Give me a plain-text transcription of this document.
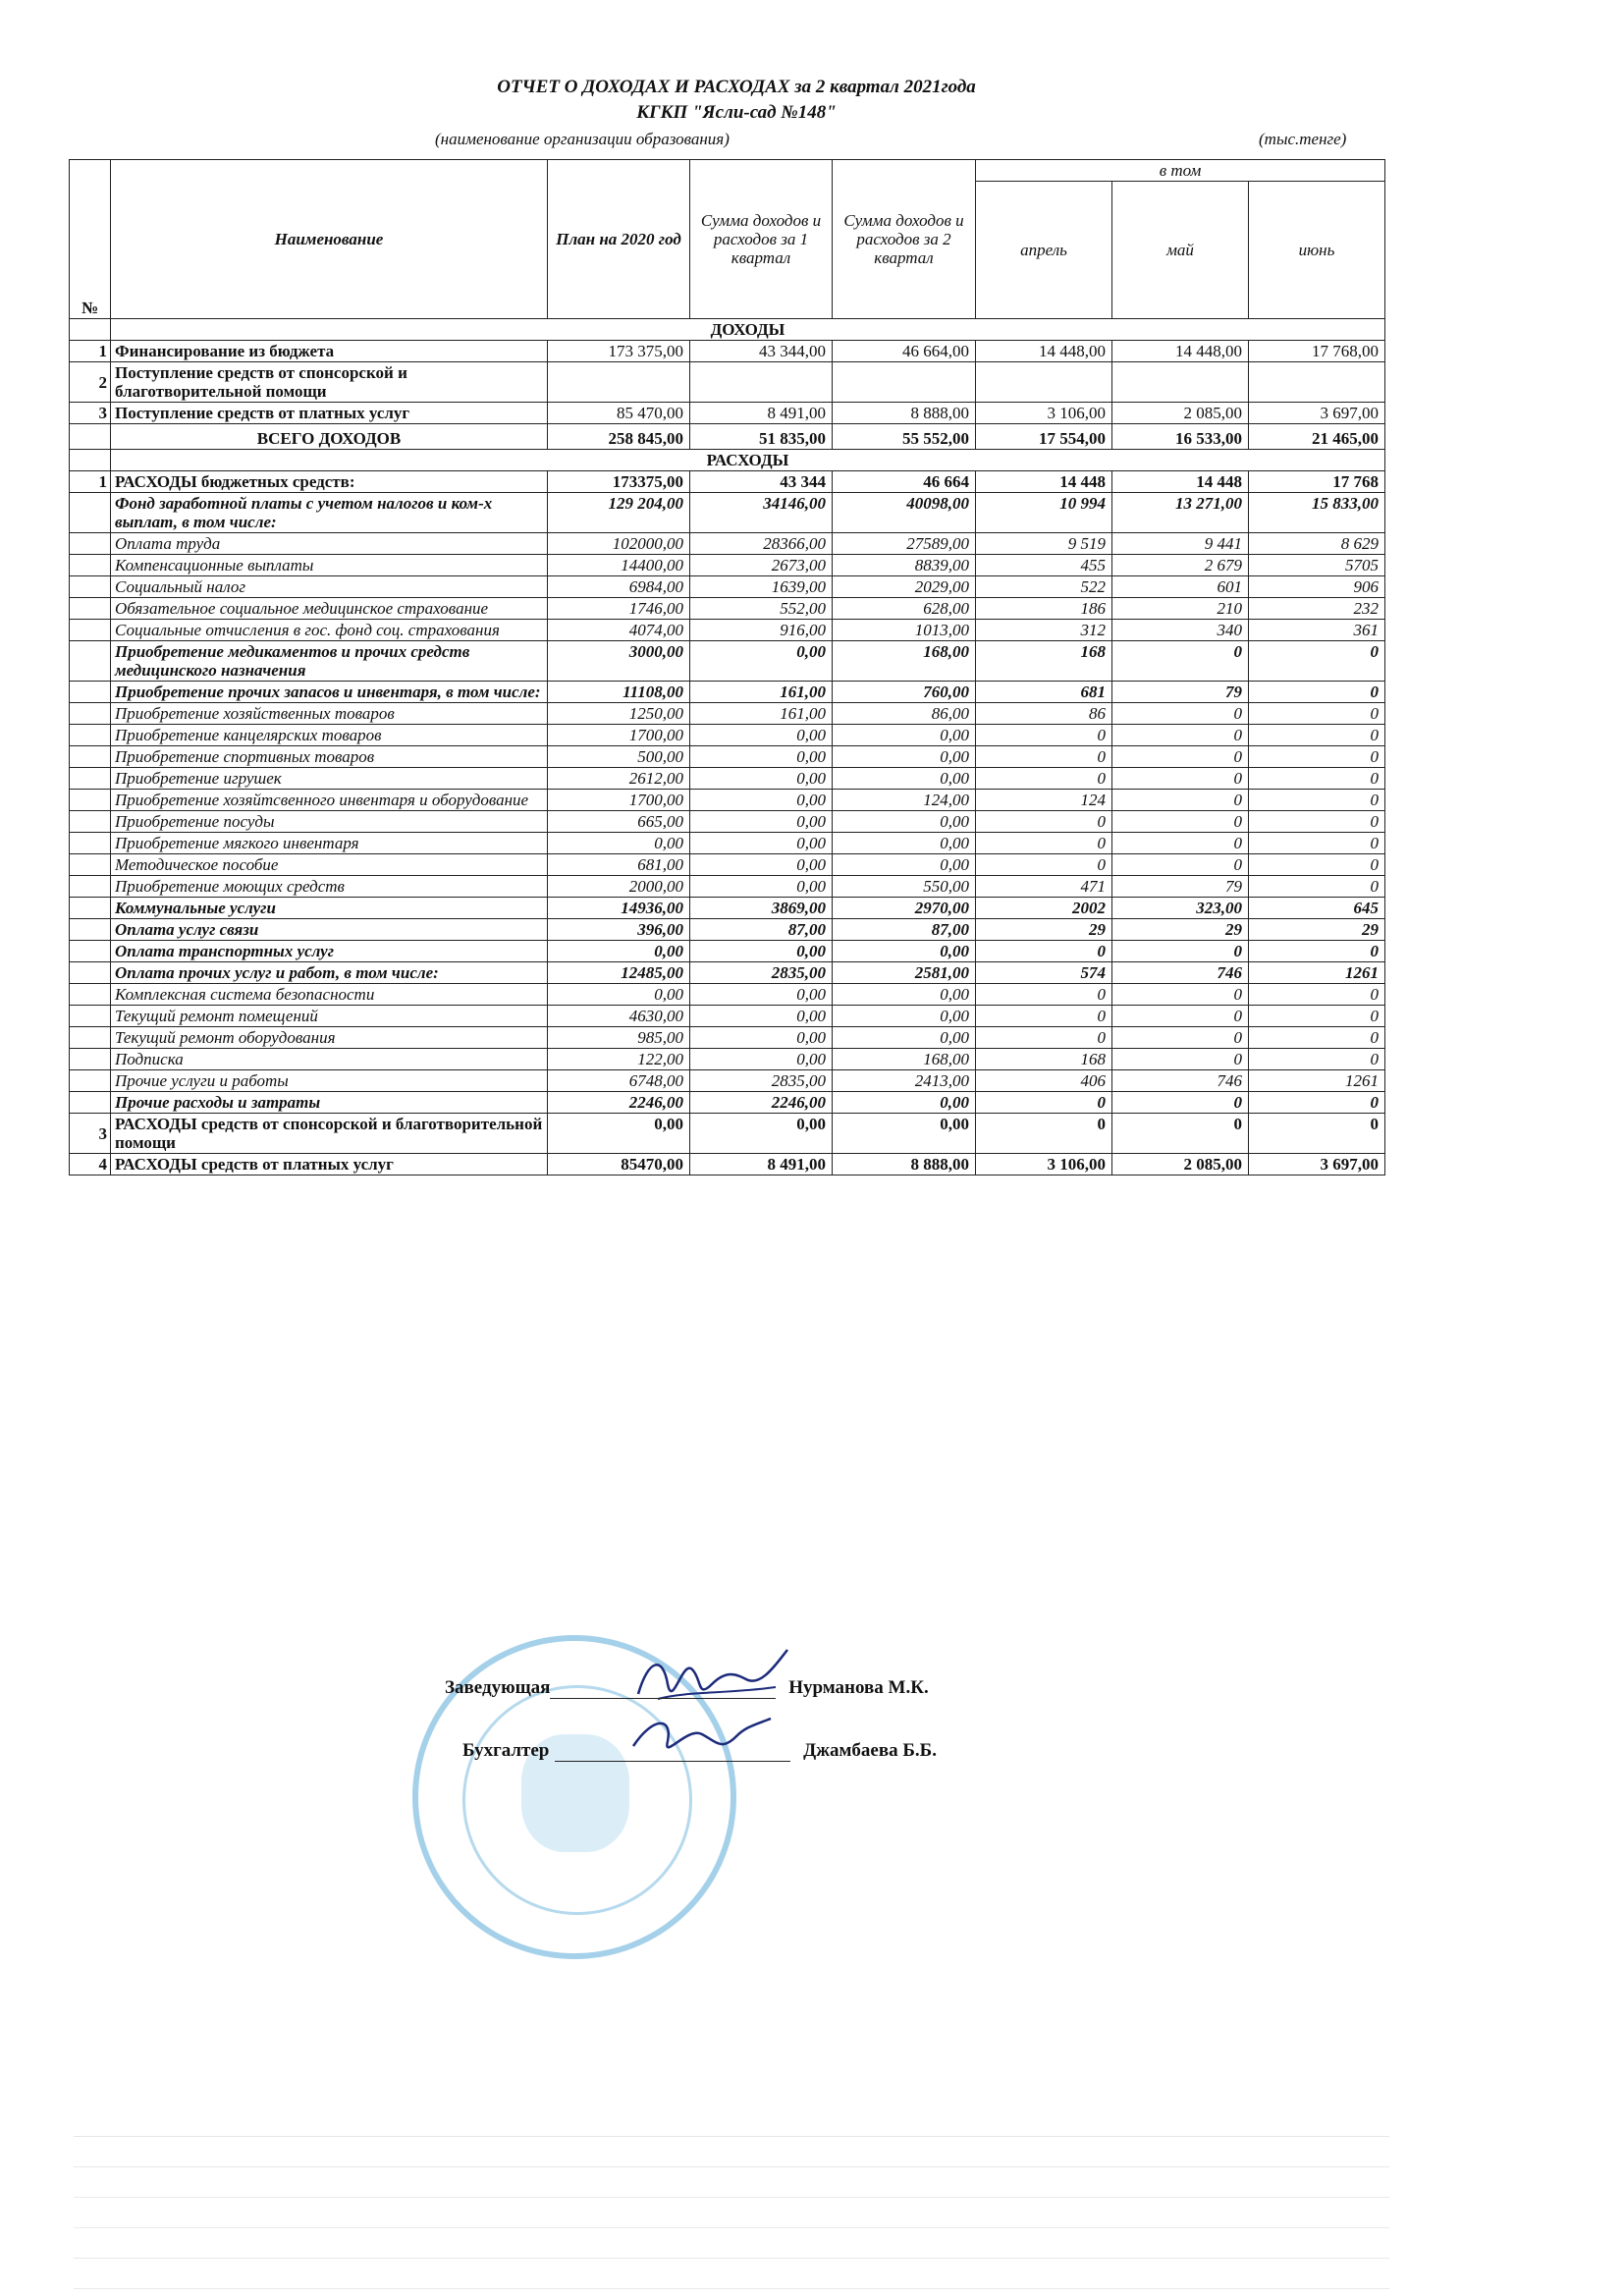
ОТЧЕТ О ДОХОДАХ И РАСХОДАХ за 2 квартал 2021года
КГКП "Ясли-сад №148"
(наименование организации образования)	(тыс.тенге)
№	Наименование	План на 2020 год	Сумма доходов и расходов за 1 квартал	Сумма доходов и расходов за 2 квартал	в том		
					апрель	май	июнь
	ДОХОДЫ						
1	Финансирование из бюджета	173 375,00	43 344,00	46 664,00	14 448,00	14 448,00	17 768,00
2	Поступление средств от спонсорской и благотворительной помощи						
3	Поступление средств от платных услуг	85 470,00	8 491,00	8 888,00	3 106,00	2 085,00	3 697,00
	ВСЕГО ДОХОДОВ	258 845,00	51 835,00	55 552,00	17 554,00	16 533,00	21 465,00
	РАСХОДЫ						
1	РАСХОДЫ бюджетных средств:	173375,00	43 344	46 664	14 448	14 448	17 768
	Фонд заработной платы с учетом налогов и ком-х выплат, в том числе:	129 204,00	34146,00	40098,00	10 994	13 271,00	15 833,00
	Оплата труда	102000,00	28366,00	27589,00	9 519	9 441	8 629
	Компенсационные выплаты	14400,00	2673,00	8839,00	455	2 679	5705
	Социальный налог	6984,00	1639,00	2029,00	522	601	906
	Обязательное социальное медицинское страхование	1746,00	552,00	628,00	186	210	232
	Социальные отчисления в гос. фонд соц. страхования	4074,00	916,00	1013,00	312	340	361
	Приобретение медикаментов и прочих средств медицинского назначения	3000,00	0,00	168,00	168	0	0
	Приобретение прочих запасов и инвентаря, в том числе:	11108,00	161,00	760,00	681	79	0
	Приобретение хозяйственных товаров	1250,00	161,00	86,00	86	0	0
	Приобретение канцелярских товаров	1700,00	0,00	0,00	0	0	0
	Приобретение спортивных товаров	500,00	0,00	0,00	0	0	0
	Приобретение игрушек	2612,00	0,00	0,00	0	0	0
	Приобретение хозяйтсвенного инвентаря и оборудование	1700,00	0,00	124,00	124	0	0
	Приобретение посуды	665,00	0,00	0,00	0	0	0
	Приобретение мягкого инвентаря	0,00	0,00	0,00	0	0	0
	Методическое пособие	681,00	0,00	0,00	0	0	0
	Приобретение моющих средств	2000,00	0,00	550,00	471	79	0
	Коммунальные услуги	14936,00	3869,00	2970,00	2002	323,00	645
	Оплата услуг связи	396,00	87,00	87,00	29	29	29
	Оплата транспортных услуг	0,00	0,00	0,00	0	0	0
	Оплата прочих услуг и работ, в том числе:	12485,00	2835,00	2581,00	574	746	1261
	Комплексная система безопасности	0,00	0,00	0,00	0	0	0
	Текущий ремонт помещений	4630,00	0,00	0,00	0	0	0
	Текущий ремонт оборудования	985,00	0,00	0,00	0	0	0
	Подписка	122,00	0,00	168,00	168	0	0
	Прочие услуги и работы	6748,00	2835,00	2413,00	406	746	1261
	Прочие расходы и затраты	2246,00	2246,00	0,00	0	0	0
3	РАСХОДЫ средств от спонсорской и благотворительной помощи	0,00	0,00	0,00	0	0	0
4	РАСХОДЫ средств от платных услуг	85470,00	8 491,00	8 888,00	3 106,00	2 085,00	3 697,00
Заведующая	Нурманова М.К.
Бухгалтер	Джамбаева Б.Б.
